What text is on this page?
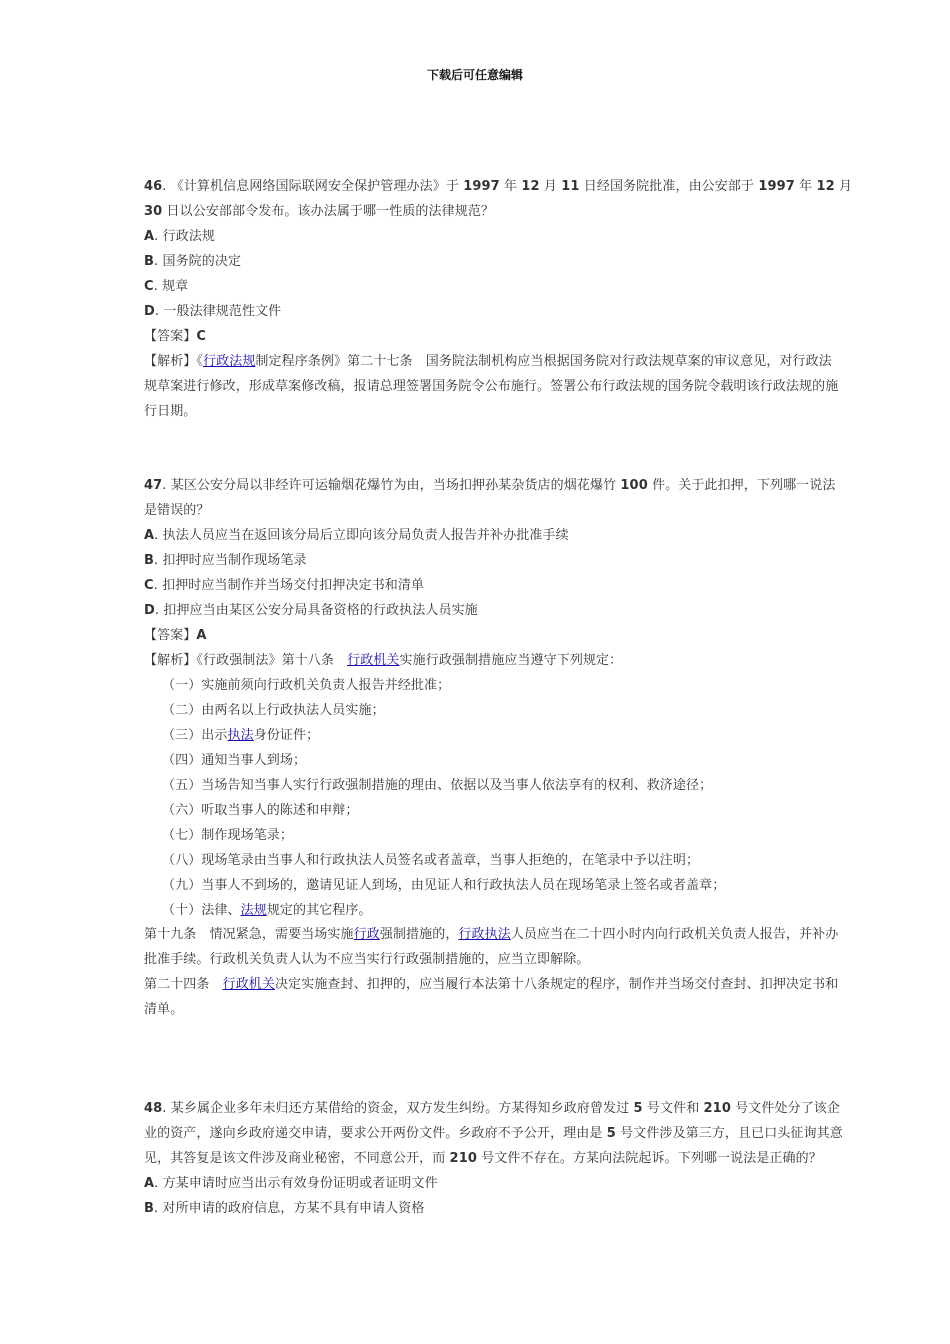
下载后可任意编辑
46. 《计算机信息网络国际联网安全保护管理办法》于 1997 年 12 月 11 日经国务院批准，由公安部于 1997 年 12 月
30 日以公安部部令发布。该办法属于哪一性质的法律规范？
A. 行政法规
B. 国务院的决定
C. 规章
D. 一般法律规范性文件
【答案】C
【解析】《行政法规制定程序条例》第二十七条　国务院法制机构应当根据国务院对行政法规草案的审议意见，对行政法
规草案进行修改，形成草案修改稿，报请总理签署国务院令公布施行。签署公布行政法规的国务院令载明该行政法规的施
行日期。
47. 某区公安分局以非经许可运输烟花爆竹为由，当场扣押孙某杂货店的烟花爆竹 100 件。关于此扣押，下列哪一说法
是错误的？
A. 执法人员应当在返回该分局后立即向该分局负责人报告并补办批准手续
B. 扣押时应当制作现场笔录
C. 扣押时应当制作并当场交付扣押决定书和清单
D. 扣押应当由某区公安分局具备资格的行政执法人员实施
【答案】A
【解析】《行政强制法》第十八条　行政机关实施行政强制措施应当遵守下列规定：
（一）实施前须向行政机关负责人报告并经批准；
（二）由两名以上行政执法人员实施；
（三）出示执法身份证件；
（四）通知当事人到场；
（五）当场告知当事人实行行政强制措施的理由、依据以及当事人依法享有的权利、救济途径；
（六）听取当事人的陈述和申辩；
（七）制作现场笔录；
（八）现场笔录由当事人和行政执法人员签名或者盖章，当事人拒绝的，在笔录中予以注明；
（九）当事人不到场的，邀请见证人到场，由见证人和行政执法人员在现场笔录上签名或者盖章；
（十）法律、法规规定的其它程序。
第十九条　情况紧急，需要当场实施行政强制措施的，行政执法人员应当在二十四小时内向行政机关负责人报告，并补办
批准手续。行政机关负责人认为不应当实行行政强制措施的，应当立即解除。
第二十四条　行政机关决定实施查封、扣押的，应当履行本法第十八条规定的程序，制作并当场交付查封、扣押决定书和
清单。
48. 某乡属企业多年未归还方某借给的资金，双方发生纠纷。方某得知乡政府曾发过 5 号文件和 210 号文件处分了该企
业的资产，遂向乡政府递交申请，要求公开两份文件。乡政府不予公开，理由是 5 号文件涉及第三方，且已口头征询其意
见，其答复是该文件涉及商业秘密，不同意公开，而 210 号文件不存在。方某向法院起诉。下列哪一说法是正确的？
A. 方某申请时应当出示有效身份证明或者证明文件
B. 对所申请的政府信息，方某不具有申请人资格
